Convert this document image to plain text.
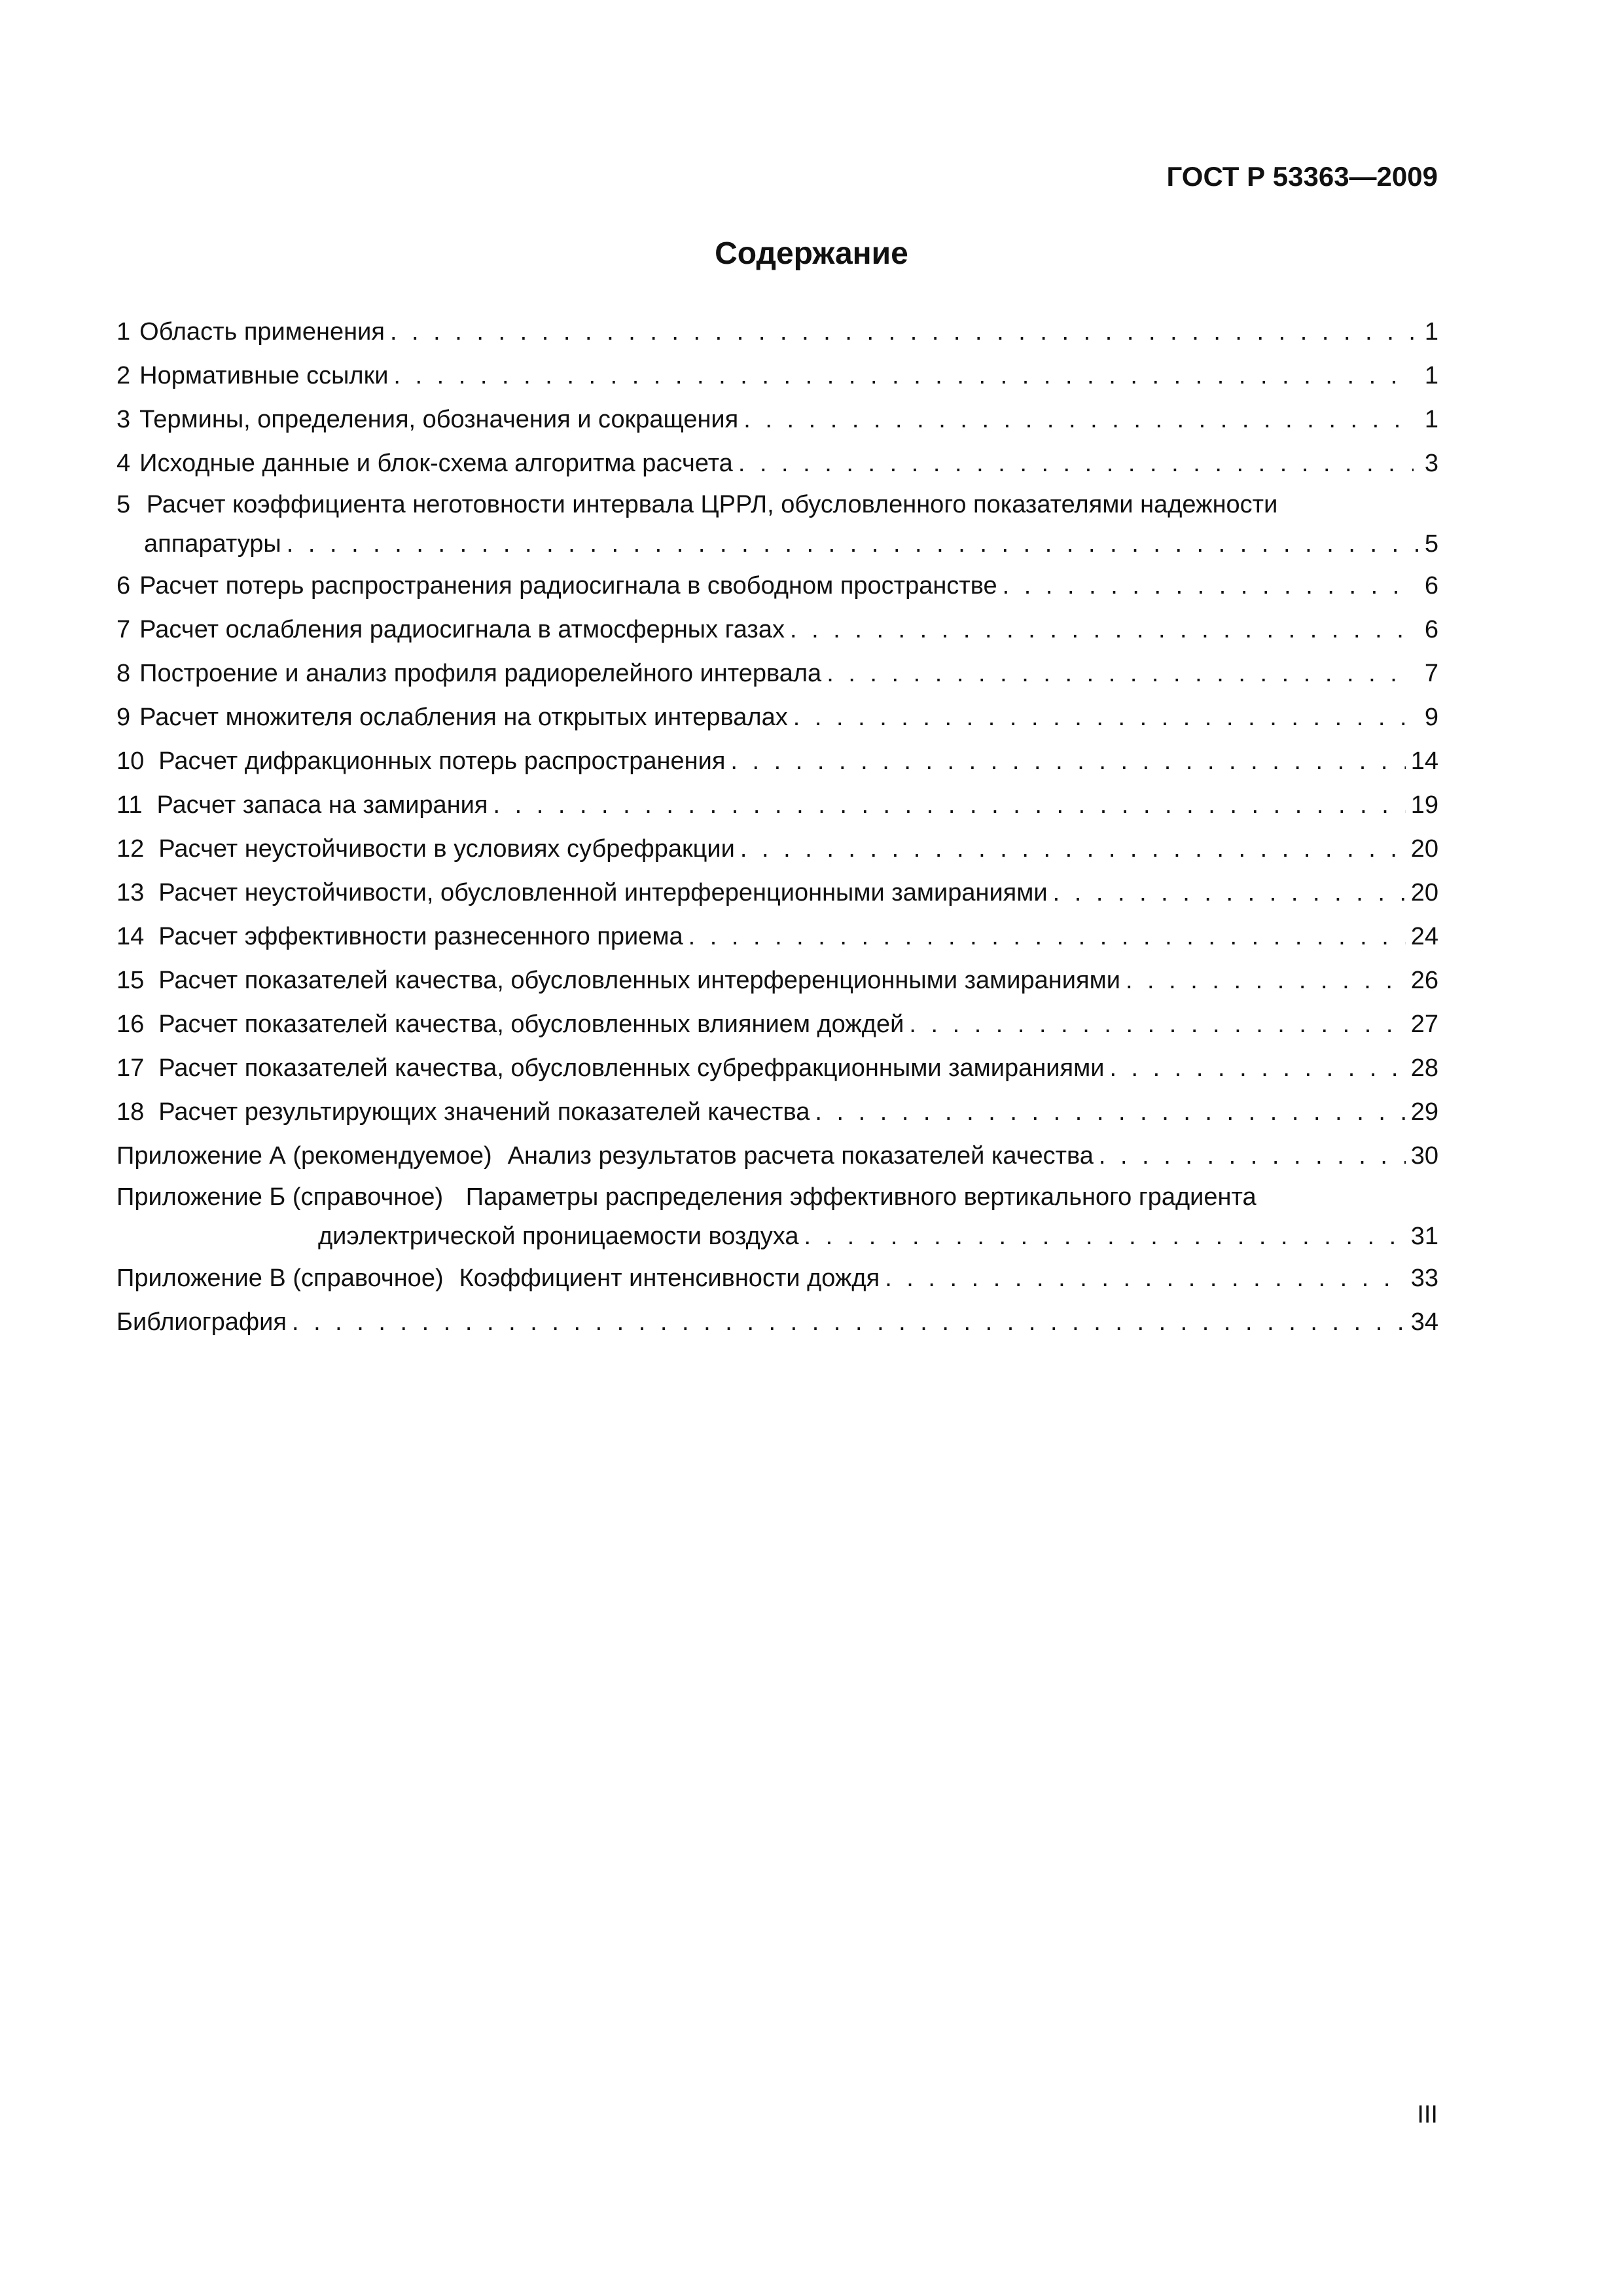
ГОСТ Р 53363—2009

Содержание
1 Область применения . . .	1
2 Нормативные ссылки . . .	1
3 Термины, определения, обозначения и сокращения . . .	1
4 Исходные данные и блок-схема алгоритма расчета . . .	3
5 Расчет коэффициента неготовности интервала ЦРРЛ, обусловленного показателями надежности
аппаратуры . . .	5
6 Расчет потерь распространения радиосигнала в свободном пространстве . . .	6
7 Расчет ослабления радиосигнала в атмосферных газах . . .	6
8 Построение и анализ профиля радиорелейного интервала . . .	7
9 Расчет множителя ослабления на открытых интервалах . . .	9
10 Расчет дифракционных потерь распространения . . .	14
11 Расчет запаса на замирания . . .	19
12 Расчет неустойчивости в условиях субрефракции . . .	20
13 Расчет неустойчивости, обусловленной интерференционными замираниями . . .	20
14 Расчет эффективности разнесенного приема . . .	24
15 Расчет показателей качества, обусловленных интерференционными замираниями . . .	26
16 Расчет показателей качества, обусловленных влиянием дождей . . .	27
17 Расчет показателей качества, обусловленных субрефракционными замираниями . . .	28
18 Расчет результирующих значений показателей качества . . .	29
Приложение А (рекомендуемое) Анализ результатов расчета показателей качества . . .	30
Приложение Б (справочное) Параметры распределения эффективного вертикального градиента
диэлектрической проницаемости воздуха . . .	31
Приложение В (справочное) Коэффициент интенсивности дождя . . .	33
Библиография . . .	34

III
